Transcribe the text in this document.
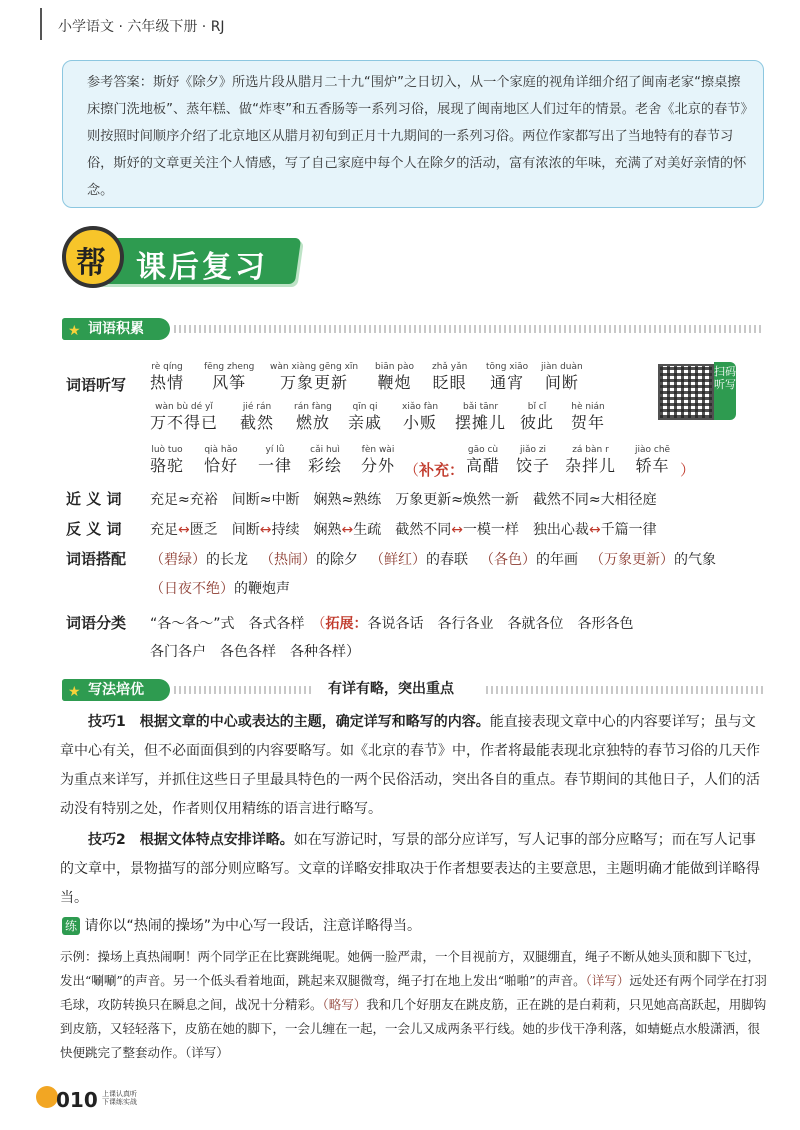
小学语文 · 六年级下册 · RJ
参考答案：斯妤《除夕》所选片段从腊月二十九“围炉”之日切入，从一个家庭的视角详细介绍了闽南老家“擦桌擦床擦门洗地板”、蒸年糕、做“炸枣”和五香肠等一系列习俗，展现了闽南地区人们过年的情景。老舍《北京的春节》则按照时间顺序介绍了北京地区从腊月初旬到正月十九期间的一系列习俗。两位作家都写出了当地特有的春节习俗，斯妤的文章更关注个人情感，写了自己家庭中每个人在除夕的活动，富有浓浓的年味，充满了对美好亲情的怀念。
课后复习
帮
★ 词语积累
词语听写
rè qíng
热情
fēng zheng
风筝
wàn xiàng gēng xīn
万象更新
biān pào
鞭炮
zhǎ yǎn
眨眼
tōng xiāo
通宵
jiàn duàn
间断
wàn bù dé yǐ
万不得已
jié rán
截然
rán fàng
燃放
qīn qi
亲戚
xiǎo fàn
小贩
bǎi tānr
摆摊儿
bǐ cǐ
彼此
hè nián
贺年
luò tuo
骆驼
qià hǎo
恰好
yí lǜ
一律
cǎi huì
彩绘
fèn wài
分外 （补充：
gāo cù
高醋
jiǎo zi
饺子
zá bàn r
杂拌儿
jiào chē
轿车 ）
扫码听写
近 义 词 充足≈充裕 间断≈中断 娴熟≈熟练 万象更新≈焕然一新 截然不同≈大相径庭
反 义 词 充足↔匮乏 间断↔持续 娴熟↔生疏 截然不同↔一模一样 独出心裁↔千篇一律
词语搭配 （碧绿）的长龙 （热闹）的除夕 （鲜红）的春联 （各色）的年画 （万象更新）的气象
（日夜不绝）的鞭炮声
词语分类 “各～各～”式　 各式各样　 （拓展：各说各话　各行各业　各就各位　各形各色
各门各户　各色各样　各种各样）
★ 写法培优	有详有略，突出重点
技巧1　根据文章的中心或表达的主题，确定详写和略写的内容。能直接表现文章中心的内容要详写；虽与文章中心有关，但不必面面俱到的内容要略写。如《北京的春节》中，作者将最能表现北京独特的春节习俗的几天作为重点来详写，并抓住这些日子里最具特色的一两个民俗活动，突出各自的重点。春节期间的其他日子，人们的活动没有特别之处，作者则仅用精练的语言进行略写。
技巧2　根据文体特点安排详略。如在写游记时，写景的部分应详写，写人记事的部分应略写；而在写人记事的文章中，景物描写的部分则应略写。文章的详略安排取决于作者想要表达的主要意思，主题明确才能做到详略得当。
练 请你以“热闹的操场”为中心写一段话，注意详略得当。
示例：操场上真热闹啊！两个同学正在比赛跳绳呢。她俩一脸严肃，一个目视前方，双腿绷直，绳子不断从她头顶和脚下飞过，发出“唰唰”的声音。另一个低头看着地面，跳起来双腿微弯，绳子打在地上发出“啪啪”的声音。（详写）远处还有两个同学在打羽毛球，攻防转换只在瞬息之间，战况十分精彩。（略写）我和几个好朋友在跳皮筋，正在跳的是白莉莉，只见她高高跃起，用脚钩到皮筋，又轻轻落下，皮筋在她的脚下，一会儿缠在一起，一会儿又成两条平行线。她的步伐干净利落，如蜻蜓点水般潇洒，很快便跳完了整套动作。（详写）
010 上课认真听
下课练实战
